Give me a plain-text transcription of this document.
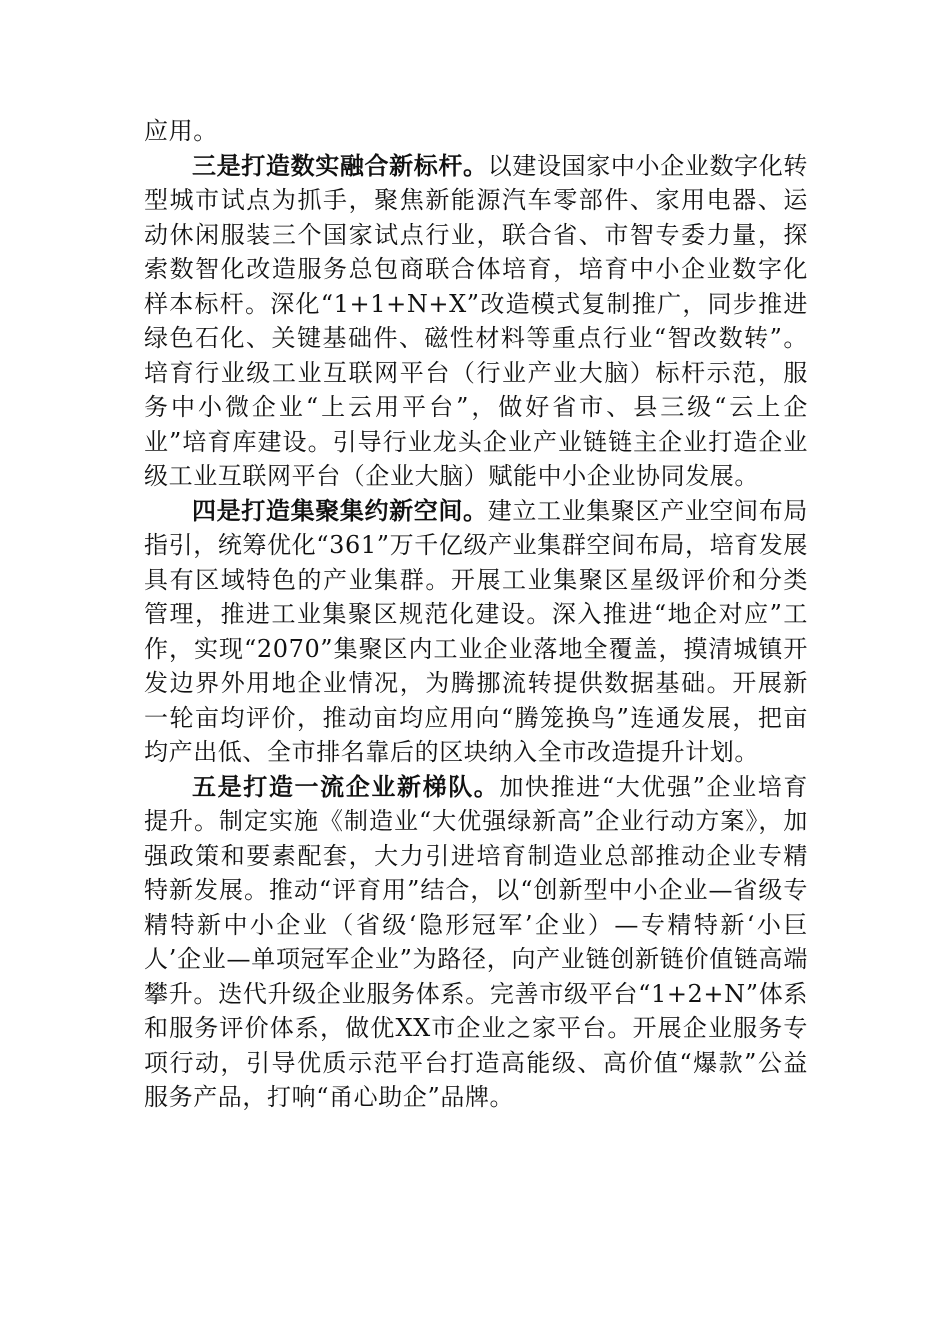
应用。

三是打造数实融合新标杆。以建设国家中小企业数字化转型城市试点为抓手，聚焦新能源汽车零部件、家用电器、运动休闲服装三个国家试点行业，联合省、市智专委力量，探索数智化改造服务总包商联合体培育，培育中小企业数字化样本标杆。深化“1+1+N+X”改造模式复制推广，同步推进绿色石化、关键基础件、磁性材料等重点行业“智改数转”。培育行业级工业互联网平台（行业产业大脑）标杆示范，服务中小微企业“上云用平台”，做好省市、县三级“云上企业”培育库建设。引导行业龙头企业产业链链主企业打造企业级工业互联网平台（企业大脑）赋能中小企业协同发展。

四是打造集聚集约新空间。建立工业集聚区产业空间布局指引，统筹优化“361”万千亿级产业集群空间布局，培育发展具有区域特色的产业集群。开展工业集聚区星级评价和分类管理，推进工业集聚区规范化建设。深入推进“地企对应”工作，实现“2070”集聚区内工业企业落地全覆盖，摸清城镇开发边界外用地企业情况，为腾挪流转提供数据基础。开展新一轮亩均评价，推动亩均应用向“腾笼换鸟”连通发展，把亩均产出低、全市排名靠后的区块纳入全市改造提升计划。

五是打造一流企业新梯队。加快推进“大优强”企业培育提升。制定实施《制造业“大优强绿新高”企业行动方案》，加强政策和要素配套，大力引进培育制造业总部推动企业专精特新发展。推动“评育用”结合，以“创新型中小企业—省级专精特新中小企业（省级‘隐形冠军’企业）—专精特新‘小巨人’企业—单项冠军企业”为路径，向产业链创新链价值链高端攀升。迭代升级企业服务体系。完善市级平台“1+2+N”体系和服务评价体系，做优XX市企业之家平台。开展企业服务专项行动，引导优质示范平台打造高能级、高价值“爆款”公益服务产品，打响“甬心助企”品牌。
